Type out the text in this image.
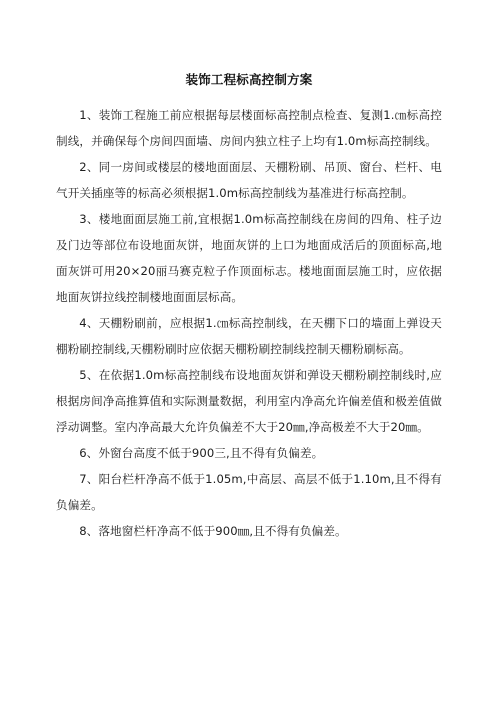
装饰工程标高控制方案

1、装饰工程施工前应根据每层楼面标高控制点检查、复测1.㎝标高控制线，并确保每个房间四面墙、房间内独立柱子上均有1.0m标高控制线。

2、同一房间或楼层的楼地面面层、天棚粉刷、吊顶、窗台、栏杆、电气开关插座等的标高必须根据1.0m标高控制线为基准进行标高控制。

3、楼地面面层施工前,宜根据1.0m标高控制线在房间的四角、柱子边及门边等部位布设地面灰饼，地面灰饼的上口为地面成活后的顶面标高,地面灰饼可用20×20丽马赛克粒子作顶面标志。楼地面面层施工时，应依据地面灰饼拉线控制楼地面面层标高。

4、天棚粉刷前，应根据1.㎝标高控制线，在天棚下口的墙面上弹设天棚粉刷控制线,天棚粉刷时应依据天棚粉刷控制线控制天棚粉刷标高。

5、在依据1.0m标高控制线布设地面灰饼和弹设天棚粉刷控制线时,应根据房间净高推算值和实际测量数据，利用室内净高允许偏差值和极差值做浮动调整。室内净高最大允许负偏差不大于20㎜,净高极差不大于20㎜。

6、外窗台高度不低于900三,且不得有负偏差。

7、阳台栏杆净高不低于1.05m,中高层、高层不低于1.10m,且不得有负偏差。

8、落地窗栏杆净高不低于900㎜,且不得有负偏差。
